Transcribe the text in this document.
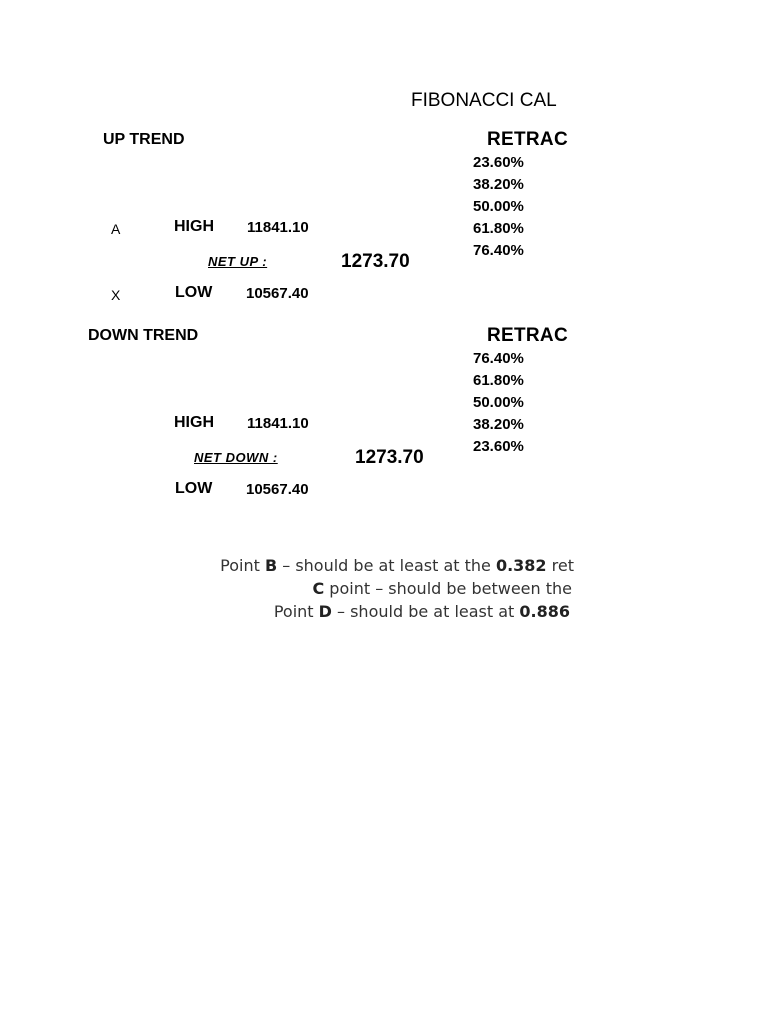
FIBONACCI CAL
UP TREND	RETRAC
23.60%
38.20%
50.00%
61.80%
76.40%
A	HIGH 11841.10
NET UP :	1273.70
X	LOW 10567.40
DOWN TREND	RETRAC
76.40%
61.80%
50.00%
38.20%
23.60%
HIGH 11841.10
NET DOWN :	1273.70
LOW 10567.40
Point B – should be at least at the 0.382 ret
C point – should be between the
Point D – should be at least at 0.886
